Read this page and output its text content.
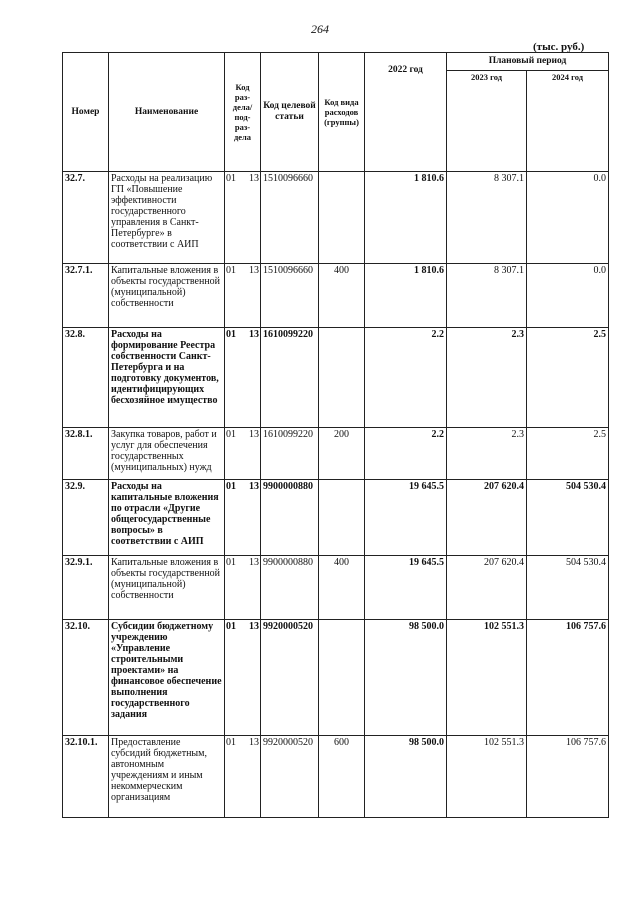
264
(тыс. руб.)
Номер	Наименование	Код раз-дела/ под-раз-дела	Код целевой статьи	Код вида расходов (группы)	2022 год	Плановый период	
						2023 год	2024 год
32.7.	Расходы на реализацию ГП «Повышение эффективности государственного управления в Санкт-Петербурге» в соответствии с АИП	01 13	1510096660		1 810.6	8 307.1	0.0
32.7.1.	Капитальные вложения в объекты государственной (муниципальной) собственности	01 13	1510096660	400	1 810.6	8 307.1	0.0
32.8.	Расходы на формирование Реестра собственности Санкт-Петербурга и на подготовку документов, идентифицирующих бесхозяйное имущество	01 13	1610099220		2.2	2.3	2.5
32.8.1.	Закупка товаров, работ и услуг для обеспечения государственных (муниципальных) нужд	01 13	1610099220	200	2.2	2.3	2.5
32.9.	Расходы на капитальные вложения по отрасли «Другие общегосударственные вопросы» в соответствии с АИП	01 13	9900000880		19 645.5	207 620.4	504 530.4
32.9.1.	Капитальные вложения в объекты государственной (муниципальной) собственности	01 13	9900000880	400	19 645.5	207 620.4	504 530.4
32.10.	Субсидии бюджетному учреждению «Управление строительными проектами» на финансовое обеспечение выполнения государственного задания	01 13	9920000520		98 500.0	102 551.3	106 757.6
32.10.1.	Предоставление субсидий бюджетным, автономным учреждениям и иным некоммерческим организациям	01 13	9920000520	600	98 500.0	102 551.3	106 757.6
